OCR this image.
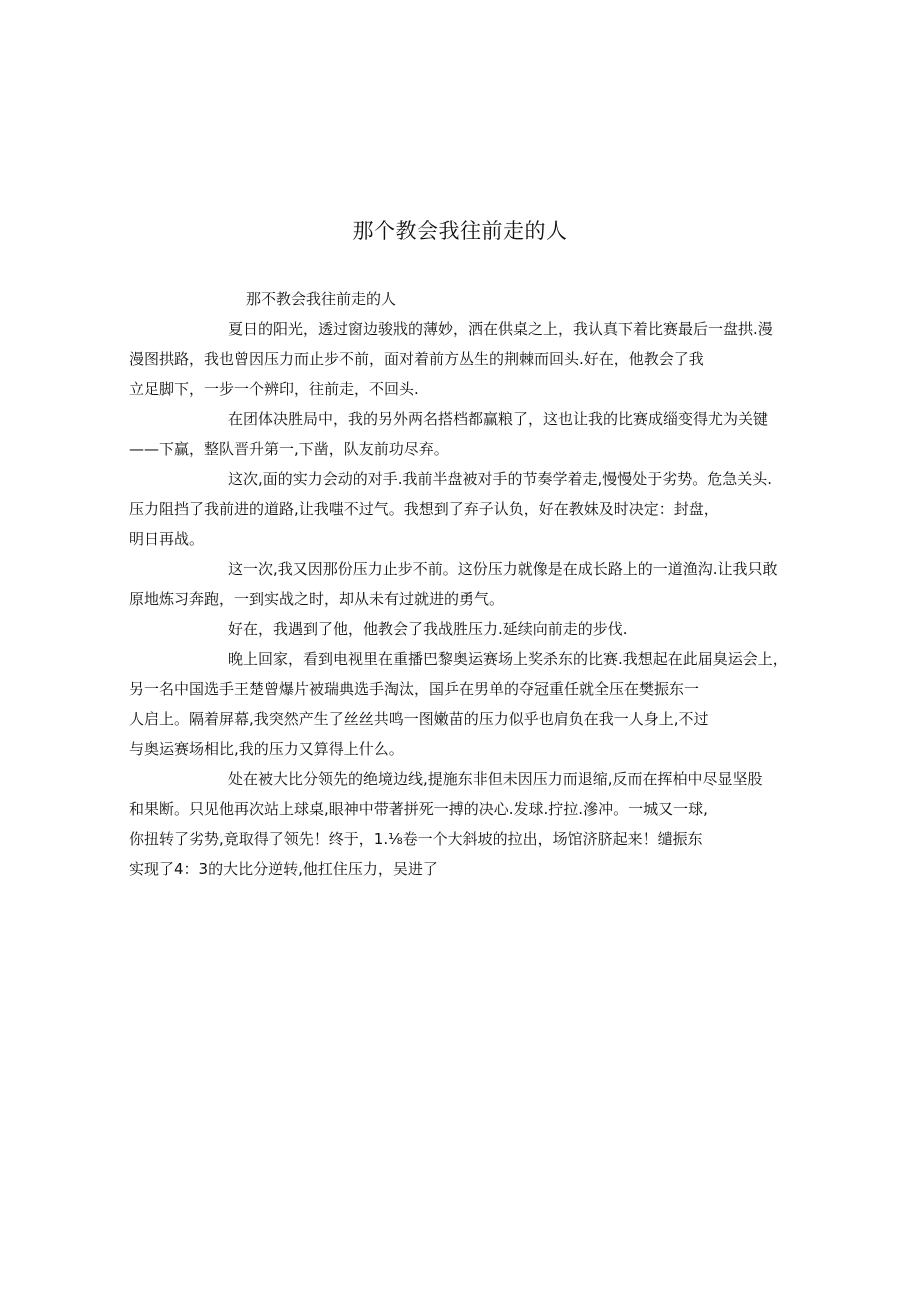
那个教会我往前走的人
那不教会我往前走的人
夏日的阳光，透过窗边骏戕的薄妙，洒在供桌之上，我认真下着比赛最后一盘拱.漫
漫图拱路，我也曾因压力而止步不前，面对着前方丛生的荆棘而回头.好在，他教会了我
立足脚下，一步一个辨印，往前走，不回头.
在团体决胜局中，我的另外两名搭档都赢粮了，这也让我的比赛成缁变得尤为关键
——下赢，整队晋升第一,下凿，队友前功尽弃。
这次,面的实力会动的对手.我前半盘被对手的节奏学着走,慢慢处于劣势。危急关头.
压力阻挡了我前进的道路,让我嗤不过气。我想到了弃子认负，好在教妹及时决定：封盘，
明日再战。
这一次,我又因那份压力止步不前。这份压力就像是在成长路上的一道渔沟.让我只敢
原地炼习奔跑，一到实战之时，却从未有过就进的勇气。
好在，我遇到了他，他教会了我战胜压力.延续向前走的步伐.
晚上回家，看到电视里在重播巴黎奥运赛场上奖杀东的比赛.我想起在此届臭运会上，
另一名中国选手王楚曾爆片被瑞典选手淘汰，国乒在男单的夺冠重任就全压在樊振东一
人启上。隔着屏幕,我突然产生了丝丝共鸣一图嫩苗的压力似乎也肩负在我一人身上,不过
与奥运赛场相比,我的压力又算得上什么。
处在被大比分领先的绝境边线,提施东非但未因压力而退缩,反而在挥柏中尽显坚股
和果断。只见他再次站上球桌,眼神中带著拼死一搏的决心.发球.拧拉.滲冲。一城又一球,
你扭转了劣势,竟取得了领先！终于，1.⅛卷一个大斜坡的拉出，场馆济脐起来！缱振东
实现了4：3的大比分逆转,他扛住压力，吴进了
